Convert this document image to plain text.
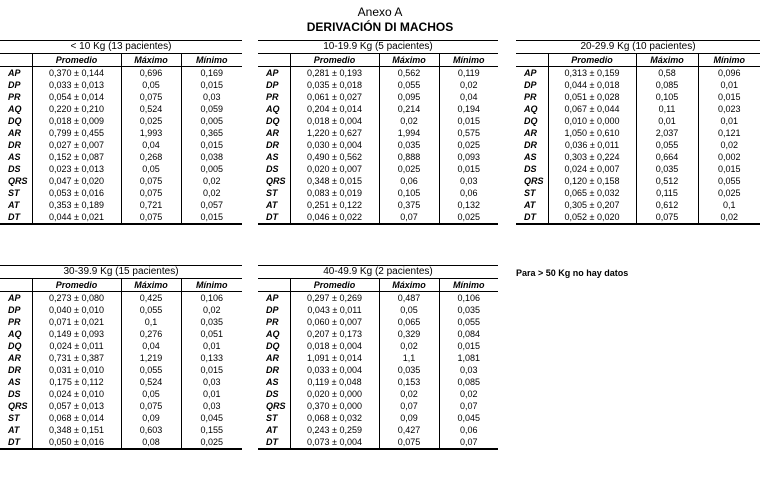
Anexo A
DERIVACIÓN DI MACHOS
< 10 Kg (13 pacientes)
	Promedio	Máximo	Mínimo
AP	0,370 ± 0,144	0,696	0,169
DP	0,033 ± 0,013	0,05	0,015
PR	0,054 ± 0,014	0,075	0,03
AQ	0,220 ± 0,210	0,524	0,059
DQ	0,018 ± 0,009	0,025	0,005
AR	0,799 ± 0,455	1,993	0,365
DR	0,027 ± 0,007	0,04	0,015
AS	0,152 ± 0,087	0,268	0,038
DS	0,023 ± 0,013	0,05	0,005
QRS	0,047 ± 0,020	0,075	0,02
ST	0,053 ± 0,016	0,075	0,02
AT	0,353 ± 0,189	0,721	0,057
DT	0,044 ± 0,021	0,075	0,015
10-19.9 Kg (5 pacientes)
	Promedio	Máximo	Mínimo
AP	0,281 ± 0,193	0,562	0,119
DP	0,035 ± 0,018	0,055	0,02
PR	0,061 ± 0,027	0,095	0,04
AQ	0,204 ± 0,014	0,214	0,194
DQ	0,018 ± 0,004	0,02	0,015
AR	1,220 ± 0,627	1,994	0,575
DR	0,030 ± 0,004	0,035	0,025
AS	0,490 ± 0,562	0,888	0,093
DS	0,020 ± 0,007	0,025	0,015
QRS	0,348 ± 0,015	0,06	0,03
ST	0,083 ± 0,019	0,105	0,06
AT	0,251 ± 0,122	0,375	0,132
DT	0,046 ± 0,022	0,07	0,025
20-29.9 Kg (10 pacientes)
	Promedio	Máximo	Mínimo
AP	0,313 ± 0,159	0,58	0,096
DP	0,044 ± 0,018	0,085	0,01
PR	0,051 ± 0,028	0,105	0,015
AQ	0,067 ± 0,044	0,11	0,023
DQ	0,010 ± 0,000	0,01	0,01
AR	1,050 ± 0,610	2,037	0,121
DR	0,036 ± 0,011	0,055	0,02
AS	0,303 ± 0,224	0,664	0,002
DS	0,024 ± 0,007	0,035	0,015
QRS	0,120 ± 0,158	0,512	0,055
ST	0,065 ± 0,032	0,115	0,025
AT	0,305 ± 0,207	0,612	0,1
DT	0,052 ± 0,020	0,075	0,02
30-39.9 Kg (15 pacientes)
	Promedio	Máximo	Mínimo
AP	0,273 ± 0,080	0,425	0,106
DP	0,040 ± 0,010	0,055	0,02
PR	0,071 ± 0,021	0,1	0,035
AQ	0,149 ± 0,093	0,276	0,051
DQ	0,024 ± 0,011	0,04	0,01
AR	0,731 ± 0,387	1,219	0,133
DR	0,031 ± 0,010	0,055	0,015
AS	0,175 ± 0,112	0,524	0,03
DS	0,024 ± 0,010	0,05	0,01
QRS	0,057 ± 0,013	0,075	0,03
ST	0,068 ± 0,014	0,09	0,045
AT	0,348 ± 0,151	0,603	0,155
DT	0,050 ± 0,016	0,08	0,025
40-49.9 Kg (2 pacientes)
	Promedio	Máximo	Mínimo
AP	0,297 ± 0,269	0,487	0,106
DP	0,043 ± 0,011	0,05	0,035
PR	0,060 ± 0,007	0,065	0,055
AQ	0,207 ± 0,173	0,329	0,084
DQ	0,018 ± 0,004	0,02	0,015
AR	1,091 ± 0,014	1,1	1,081
DR	0,033 ± 0,004	0,035	0,03
AS	0,119 ± 0,048	0,153	0,085
DS	0,020 ± 0,000	0,02	0,02
QRS	0,370 ± 0,000	0,07	0,07
ST	0,068 ± 0,032	0,09	0,045
AT	0,243 ± 0,259	0,427	0,06
DT	0,073 ± 0,004	0,075	0,07
Para > 50 Kg no hay datos
